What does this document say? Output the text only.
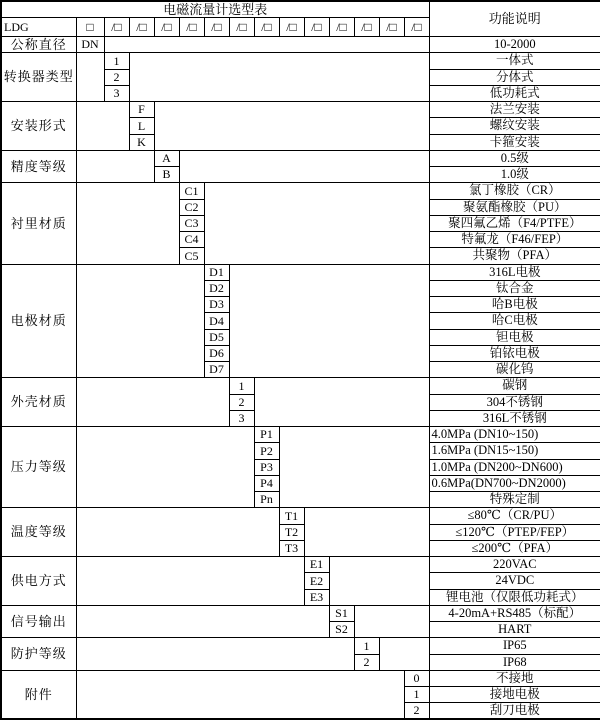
电磁流量计选型表															功能说明
LDG	□	/□	/□	/□	/□	/□	/□	/□	/□	/□	/□	/□	/□	/□	
公称直径	DN														10-2000
转换器类型		1													一体式
		2													分体式
		3													低功耗式
安装形式			F												法兰安装
			L												螺纹安装
			K												卡箍安装
精度等级				A											0.5级
				B											1.0级
衬里材质					C1										氯丁橡胶（CR）
					C2										聚氨酯橡胶（PU）
					C3										聚四氟乙烯（F4/PTFE）
					C4										特氟龙（F46/FEP）
					C5										共聚物（PFA）
电极材质						D1									316L电极
						D2									钛合金
						D3									哈B电极
						D4									哈C电极
						D5									钽电极
						D6									铂铱电极
						D7									碳化钨
外壳材质							1								碳钢
							2								304不锈钢
							3								316L不锈钢
压力等级								P1							4.0MPa (DN10~150)
								P2							1.6MPa (DN15~150)
								P3							1.0MPa (DN200~DN600)
								P4							0.6MPa(DN700~DN2000)
								Pn							特殊定制
温度等级									T1						≤80℃（CR/PU）
									T2						≤120℃（PTEP/FEP）
									T3						≤200℃（PFA）
供电方式										E1					220VAC
										E2					24VDC
										E3					锂电池（仅限低功耗式）
信号输出											S1				4-20mA+RS485（标配）
											S2				HART
防护等级												1			IP65
												2			IP68
附件														0	不接地
														1	接地电极
														2	刮刀电极
